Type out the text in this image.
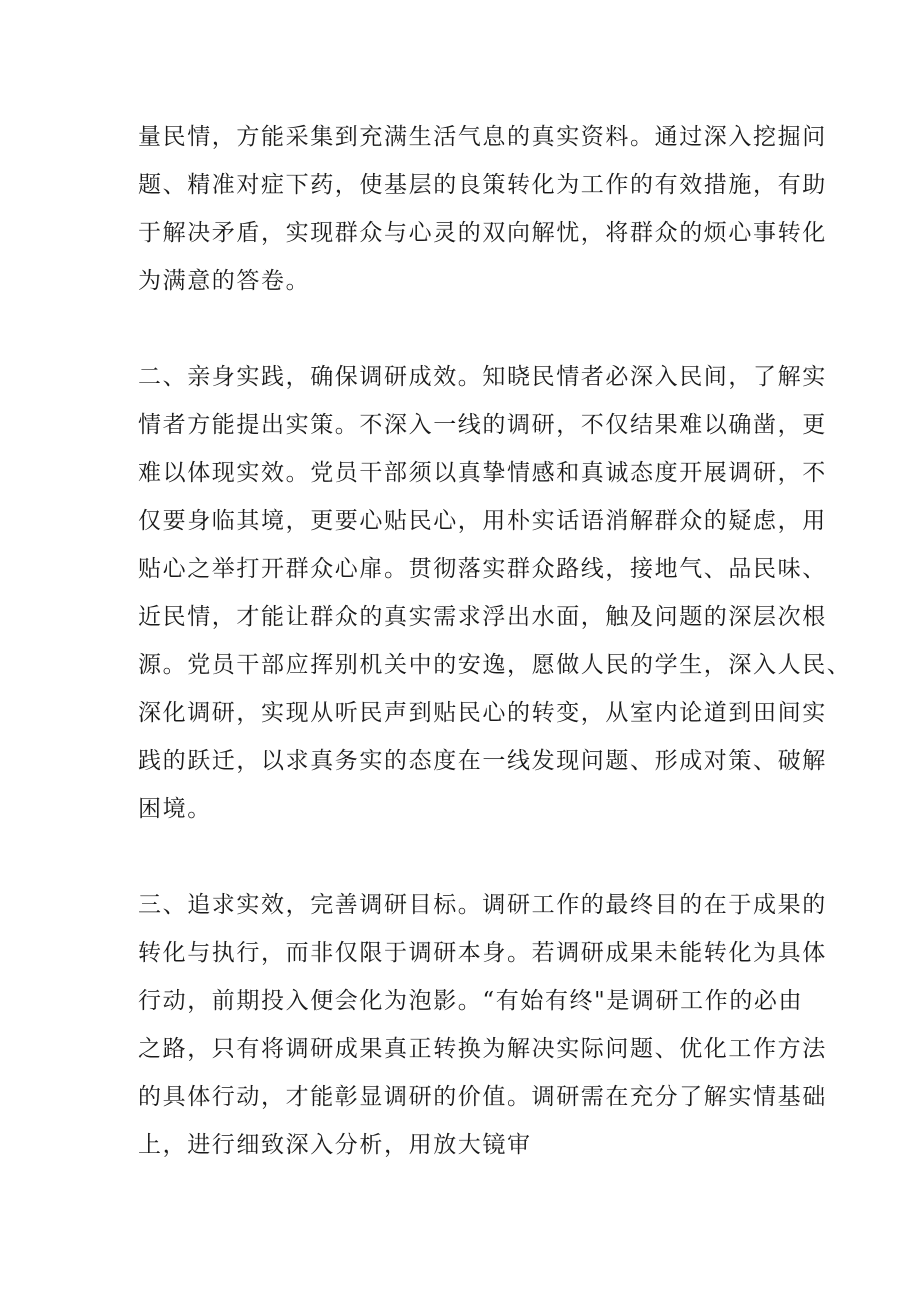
量民情，方能采集到充满生活气息的真实资料。通过深入挖掘问
题、精准对症下药，使基层的良策转化为工作的有效措施，有助
于解决矛盾，实现群众与心灵的双向解忧，将群众的烦心事转化
为满意的答卷。
二、亲身实践，确保调研成效。知晓民情者必深入民间，了解实
情者方能提出实策。不深入一线的调研，不仅结果难以确凿，更
难以体现实效。党员干部须以真挚情感和真诚态度开展调研，不
仅要身临其境，更要心贴民心，用朴实话语消解群众的疑虑，用
贴心之举打开群众心扉。贯彻落实群众路线，接地气、品民味、
近民情，才能让群众的真实需求浮出水面，触及问题的深层次根
源。党员干部应挥别机关中的安逸，愿做人民的学生，深入人民、
深化调研，实现从听民声到贴民心的转变，从室内论道到田间实
践的跃迁，以求真务实的态度在一线发现问题、形成对策、破解
困境。
三、追求实效，完善调研目标。调研工作的最终目的在于成果的
转化与执行，而非仅限于调研本身。若调研成果未能转化为具体
行动，前期投入便会化为泡影。“有始有终"是调研工作的必由
之路，只有将调研成果真正转换为解决实际问题、优化工作方法
的具体行动，才能彰显调研的价值。调研需在充分了解实情基础
上，进行细致深入分析，用放大镜审
